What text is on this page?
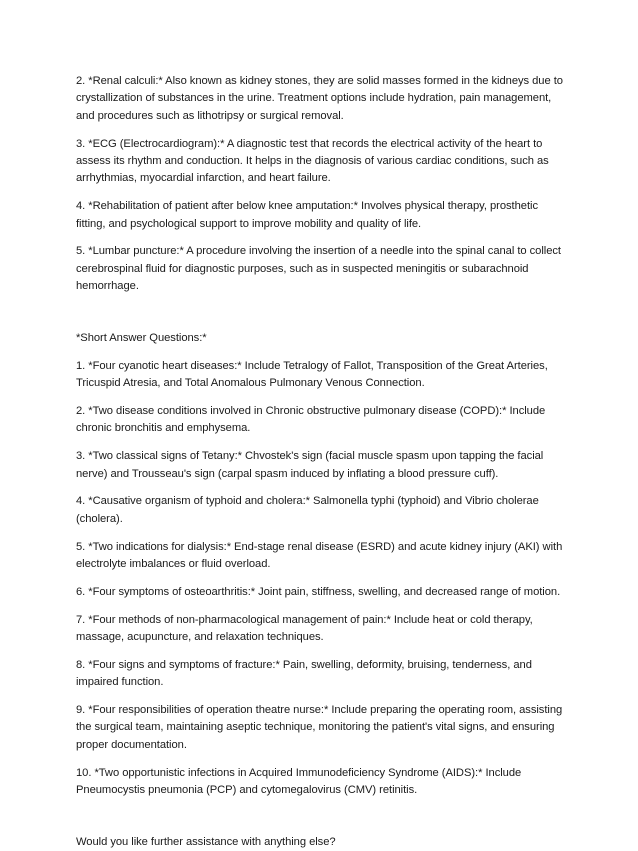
2. *Renal calculi:* Also known as kidney stones, they are solid masses formed in the kidneys due to crystallization of substances in the urine. Treatment options include hydration, pain management, and procedures such as lithotripsy or surgical removal.

3. *ECG (Electrocardiogram):* A diagnostic test that records the electrical activity of the heart to assess its rhythm and conduction. It helps in the diagnosis of various cardiac conditions, such as arrhythmias, myocardial infarction, and heart failure.

4. *Rehabilitation of patient after below knee amputation:* Involves physical therapy, prosthetic fitting, and psychological support to improve mobility and quality of life.

5. *Lumbar puncture:* A procedure involving the insertion of a needle into the spinal canal to collect cerebrospinal fluid for diagnostic purposes, such as in suspected meningitis or subarachnoid hemorrhage.

*Short Answer Questions:*

1. *Four cyanotic heart diseases:* Include Tetralogy of Fallot, Transposition of the Great Arteries, Tricuspid Atresia, and Total Anomalous Pulmonary Venous Connection.

2. *Two disease conditions involved in Chronic obstructive pulmonary disease (COPD):* Include chronic bronchitis and emphysema.

3. *Two classical signs of Tetany:* Chvostek's sign (facial muscle spasm upon tapping the facial nerve) and Trousseau's sign (carpal spasm induced by inflating a blood pressure cuff).

4. *Causative organism of typhoid and cholera:* Salmonella typhi (typhoid) and Vibrio cholerae (cholera).

5. *Two indications for dialysis:* End-stage renal disease (ESRD) and acute kidney injury (AKI) with electrolyte imbalances or fluid overload.

6. *Four symptoms of osteoarthritis:* Joint pain, stiffness, swelling, and decreased range of motion.

7. *Four methods of non-pharmacological management of pain:* Include heat or cold therapy, massage, acupuncture, and relaxation techniques.

8. *Four signs and symptoms of fracture:* Pain, swelling, deformity, bruising, tenderness, and impaired function.

9. *Four responsibilities of operation theatre nurse:* Include preparing the operating room, assisting the surgical team, maintaining aseptic technique, monitoring the patient's vital signs, and ensuring proper documentation.

10. *Two opportunistic infections in Acquired Immunodeficiency Syndrome (AIDS):* Include Pneumocystis pneumonia (PCP) and cytomegalovirus (CMV) retinitis.

Would you like further assistance with anything else?
